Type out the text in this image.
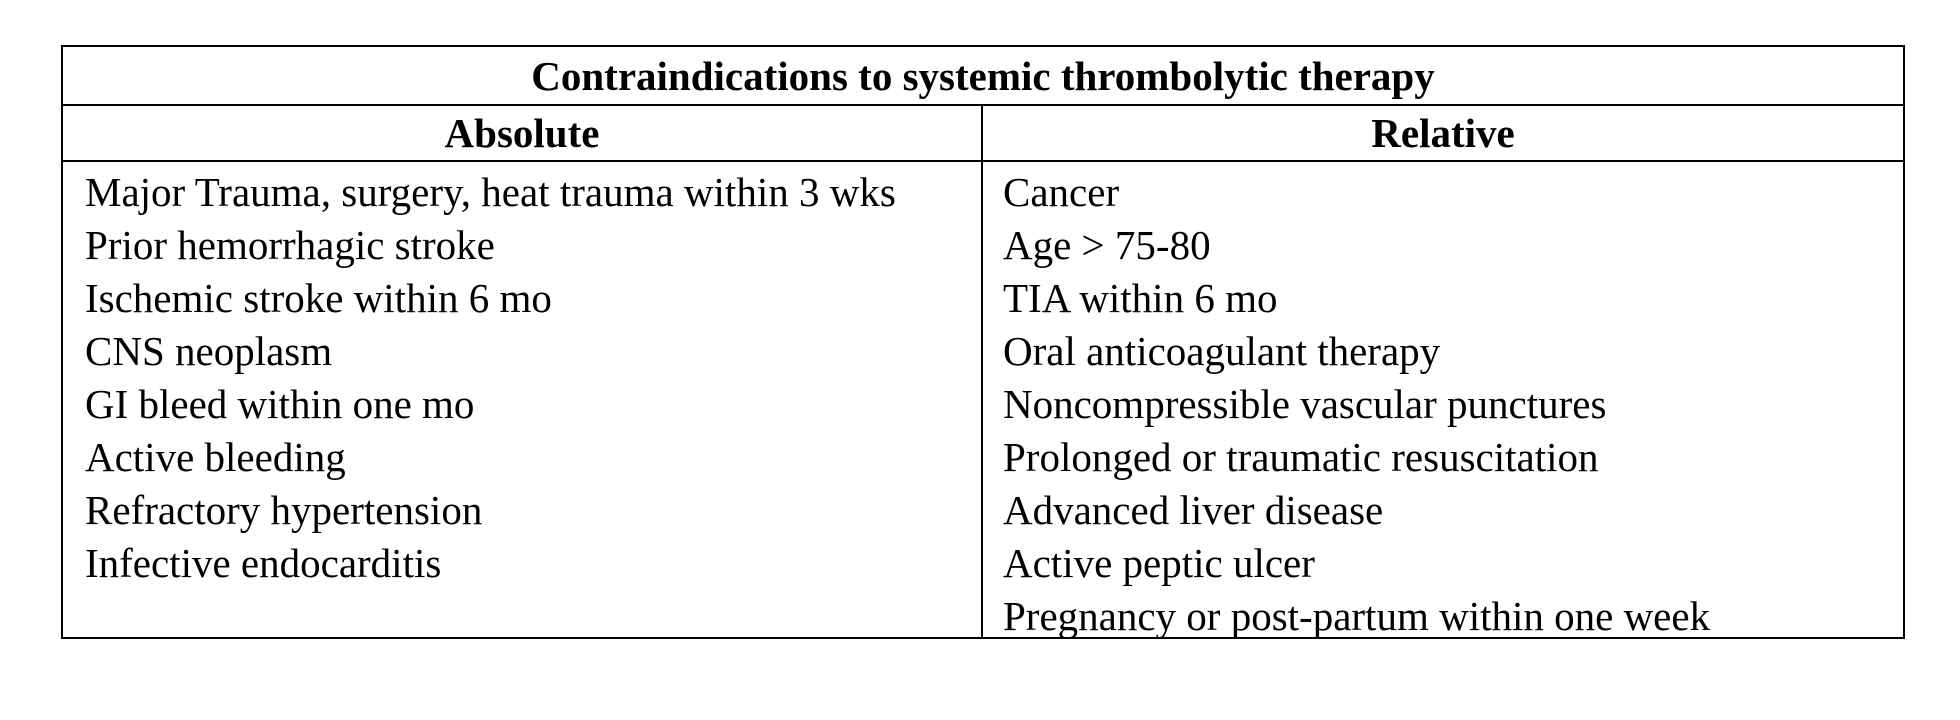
Contraindications to systemic thrombolytic therapy
Absolute	Relative
Major Trauma, surgery, heat trauma within 3 wks
Prior hemorrhagic stroke
Ischemic stroke within 6 mo
CNS neoplasm
GI bleed within one mo
Active bleeding
Refractory hypertension
Infective endocarditis
Cancer
Age > 75-80
TIA within 6 mo
Oral anticoagulant therapy
Noncompressible vascular punctures
Prolonged or traumatic resuscitation
Advanced liver disease
Active peptic ulcer
Pregnancy or post-partum within one week
